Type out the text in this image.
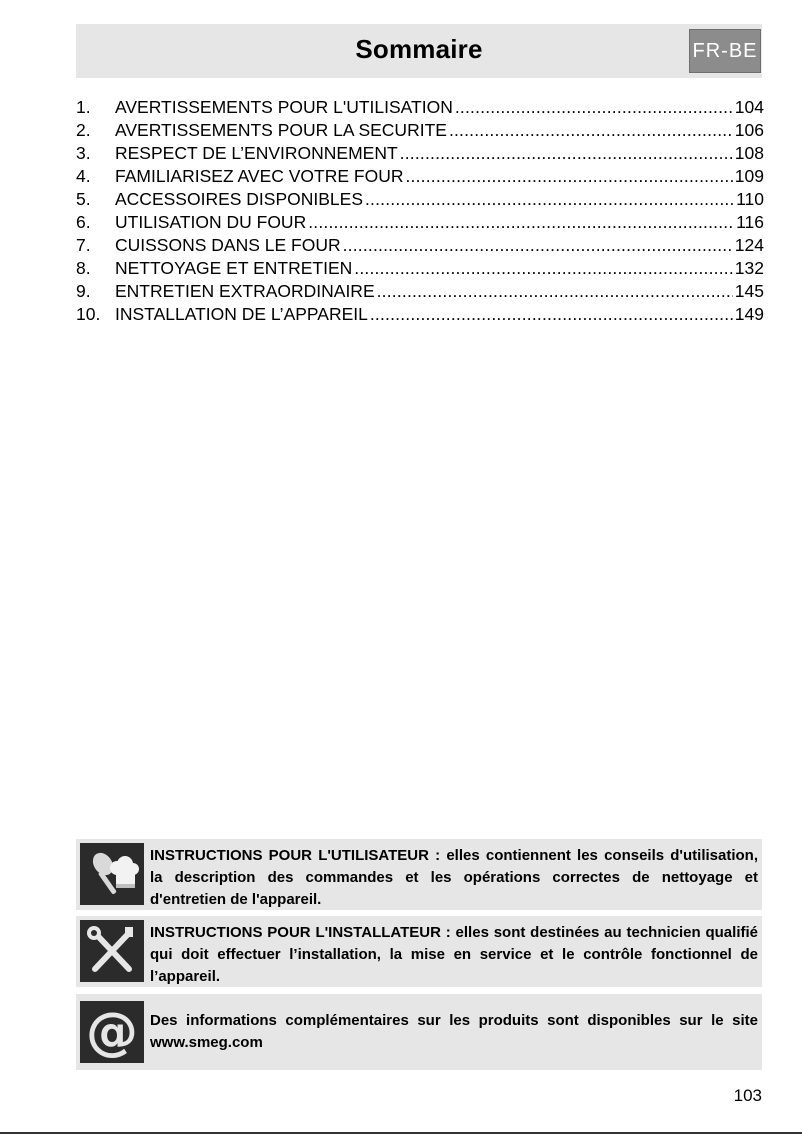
Sommaire	FR-BE
1.	AVERTISSEMENTS POUR L'UTILISATION .....	104
2.	AVERTISSEMENTS POUR LA SECURITE .....	106
3.	RESPECT DE L’ENVIRONNEMENT .....	108
4.	FAMILIARISEZ AVEC VOTRE FOUR .....	109
5.	ACCESSOIRES DISPONIBLES .....	110
6.	UTILISATION DU FOUR .....	116
7.	CUISSONS DANS LE FOUR .....	124
8.	NETTOYAGE ET ENTRETIEN .....	132
9.	ENTRETIEN EXTRAORDINAIRE .....	145
10. INSTALLATION DE L’APPAREIL .....	149
INSTRUCTIONS POUR L'UTILISATEUR : elles contiennent les conseils d'utilisation, la description des commandes et les opérations correctes de nettoyage et d'entretien de l'appareil.
INSTRUCTIONS POUR L'INSTALLATEUR : elles sont destinées au technicien qualifié qui doit effectuer l’installation, la mise en service et le contrôle fonctionnel de l’appareil.
@ Des informations complémentaires sur les produits sont disponibles sur le site www.smeg.com
103
